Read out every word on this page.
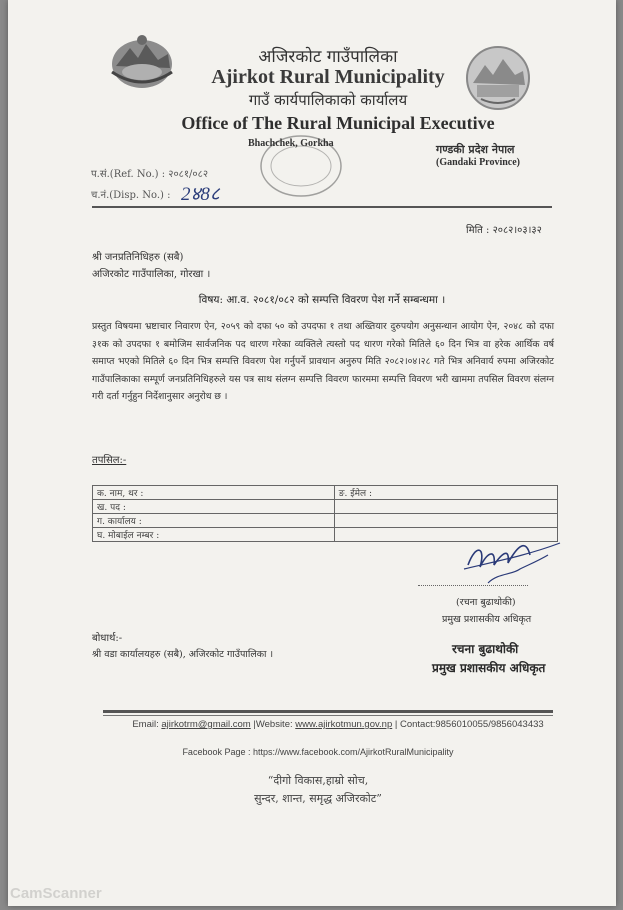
अजिरकोट गाउँपालिका
Ajirkot Rural Municipality
गाउँ कार्यपालिकाको कार्यालय
Office of The Rural Municipal Executive
Bhachchek, Gorkha	गण्डकी प्रदेश नेपाल
(Gandaki Province)
प.सं.(Ref. No.) : २०८१/०८२
च.नं.(Disp. No.) : 2४8८
मिति : २०८२।०३।३२
श्री जनप्रतिनिधिहरु (सबै)
अजिरकोट गाउँपालिका, गोरखा ।
विषय: आ.व. २०८१/०८२ को सम्पत्ति विवरण पेश गर्ने सम्बन्धमा ।
प्रस्तुत विषयमा भ्रष्टाचार निवारण ऐन, २०५९ को दफा ५० को उपदफा १ तथा अख्तियार दुरुपयोग अनुसन्धान आयोग ऐन, २०४८ को दफा ३१क को उपदफा १ बमोजिम सार्वजनिक पद धारण गरेका व्यक्तिले त्यस्तो पद धारण गरेको मितिले ६० दिन भित्र वा हरेक आर्थिक वर्ष समाप्त भएको मितिले ६० दिन भित्र सम्पत्ति विवरण पेश गर्नुपर्ने प्रावधान अनुरुप मिति २०८२।०४।२८ गते भित्र अनिवार्य रुपमा अजिरकोट गाउँपालिकाका सम्पूर्ण जनप्रतिनिधिहरुले यस पत्र साथ संलग्न सम्पत्ति विवरण फारममा सम्पत्ति विवरण भरी खाममा तपसिल विवरण संलग्न गरी दर्ता गर्नुहुन निर्देशानुसार अनुरोध छ ।
तपसिल:-
क. नाम, थर :	ङ. ईमेल :
ख. पद :	
ग. कार्यालय :	
घ. मोबाईल नम्बर :	
(रचना बुढाथोकी)
प्रमुख प्रशासकीय अधिकृत
बोधार्थ:-
श्री वडा कार्यालयहरु (सबै), अजिरकोट गाउँपालिका ।	रचना बुढाथोकी
प्रमुख प्रशासकीय अधिकृत
Email: ajirkotrm@gmail.com |Website: www.ajirkotmun.gov.np | Contact:9856010055/9856043433
Facebook Page : https://www.facebook.com/AjirkotRuralMunicipality
“दीगो विकास,हाम्रो सोच,
सुन्दर, शान्त, समृद्ध अजिरकोट”
CamScanner
